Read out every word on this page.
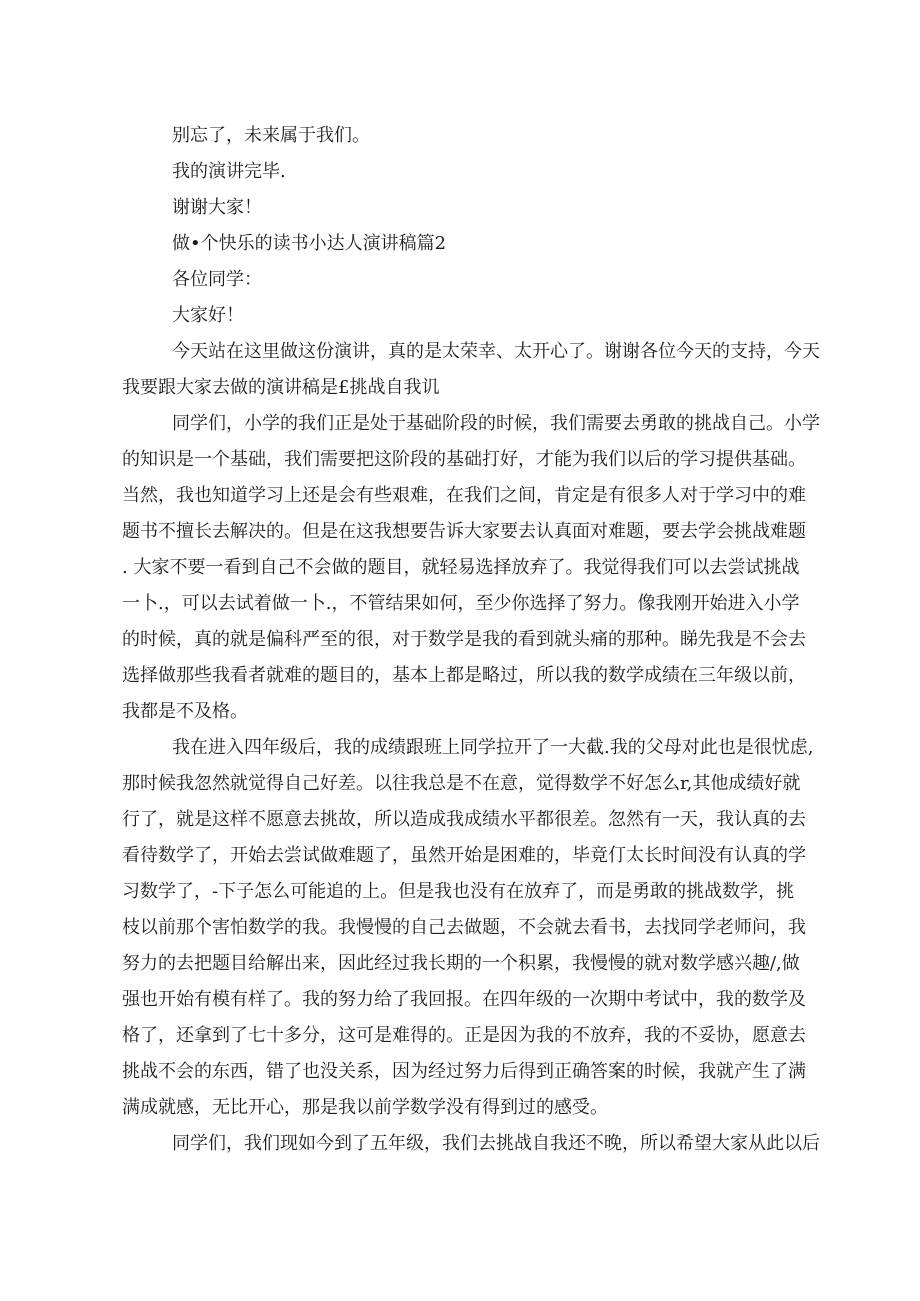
别忘了，未来属于我们。

我的演讲完毕.

谢谢大家！

做•个快乐的读书小达人演讲稿篇2

各位同学：

大家好！

今天站在这里做这份演讲，真的是太荣幸、太开心了。谢谢各位今天的支持，今天
我要跟大家去做的演讲稿是£挑战自我讥
同学们，小学的我们正是处于基础阶段的时候，我们需要去勇敢的挑战自己。小学
的知识是一个基础，我们需要把这阶段的基础打好，才能为我们以后的学习提供基础。
当然，我也知道学习上还是会有些艰难，在我们之间，肯定是有很多人对于学习中的难
题书不擅长去解决的。但是在这我想要告诉大家要去认真面对难题，要去学会挑战难题
. 大家不要一看到自己不会做的题目，就轻易选择放弃了。我觉得我们可以去尝试挑战
一卜.，可以去试着做一卜.，不管结果如何，至少你选择了努力。像我刚开始进入小学
的时候，真的就是偏科严至的很，对于数学是我的看到就头痛的那种。睇先我是不会去
选择做那些我看者就难的题目的，基本上都是略过，所以我的数学成绩在三年级以前，
我都是不及格。
我在进入四年级后，我的成绩跟班上同学拉开了一大截.我的父母对此也是很忧虑,
那时候我忽然就觉得自己好差。以往我总是不在意，觉得数学不好怎么r,其他成绩好就
行了，就是这样不愿意去挑故，所以造成我成绩水平都很差。忽然有一天，我认真的去
看待数学了，开始去尝试做难题了，虽然开始是困难的，毕竟仃太长时间没有认真的学
习数学了，-下子怎么可能追的上。但是我也没有在放弃了，而是勇敢的挑战数学，挑
枝以前那个害怕数学的我。我慢慢的自己去做题，不会就去看书，去找同学老师问，我
努力的去把题目给解出来，因此经过我长期的一个积累，我慢慢的就对数学感兴趣/,做
强也开始有模有样了。我的努力给了我回报。在四年级的一次期中考试中，我的数学及
格了，还拿到了七十多分，这可是难得的。正是因为我的不放弃，我的不妥协，愿意去
挑战不会的东西，错了也没关系，因为经过努力后得到正确答案的时候，我就产生了满
满成就感，无比开心，那是我以前学数学没有得到过的感受。
同学们，我们现如今到了五年级，我们去挑战自我还不晚，所以希望大家从此以后
